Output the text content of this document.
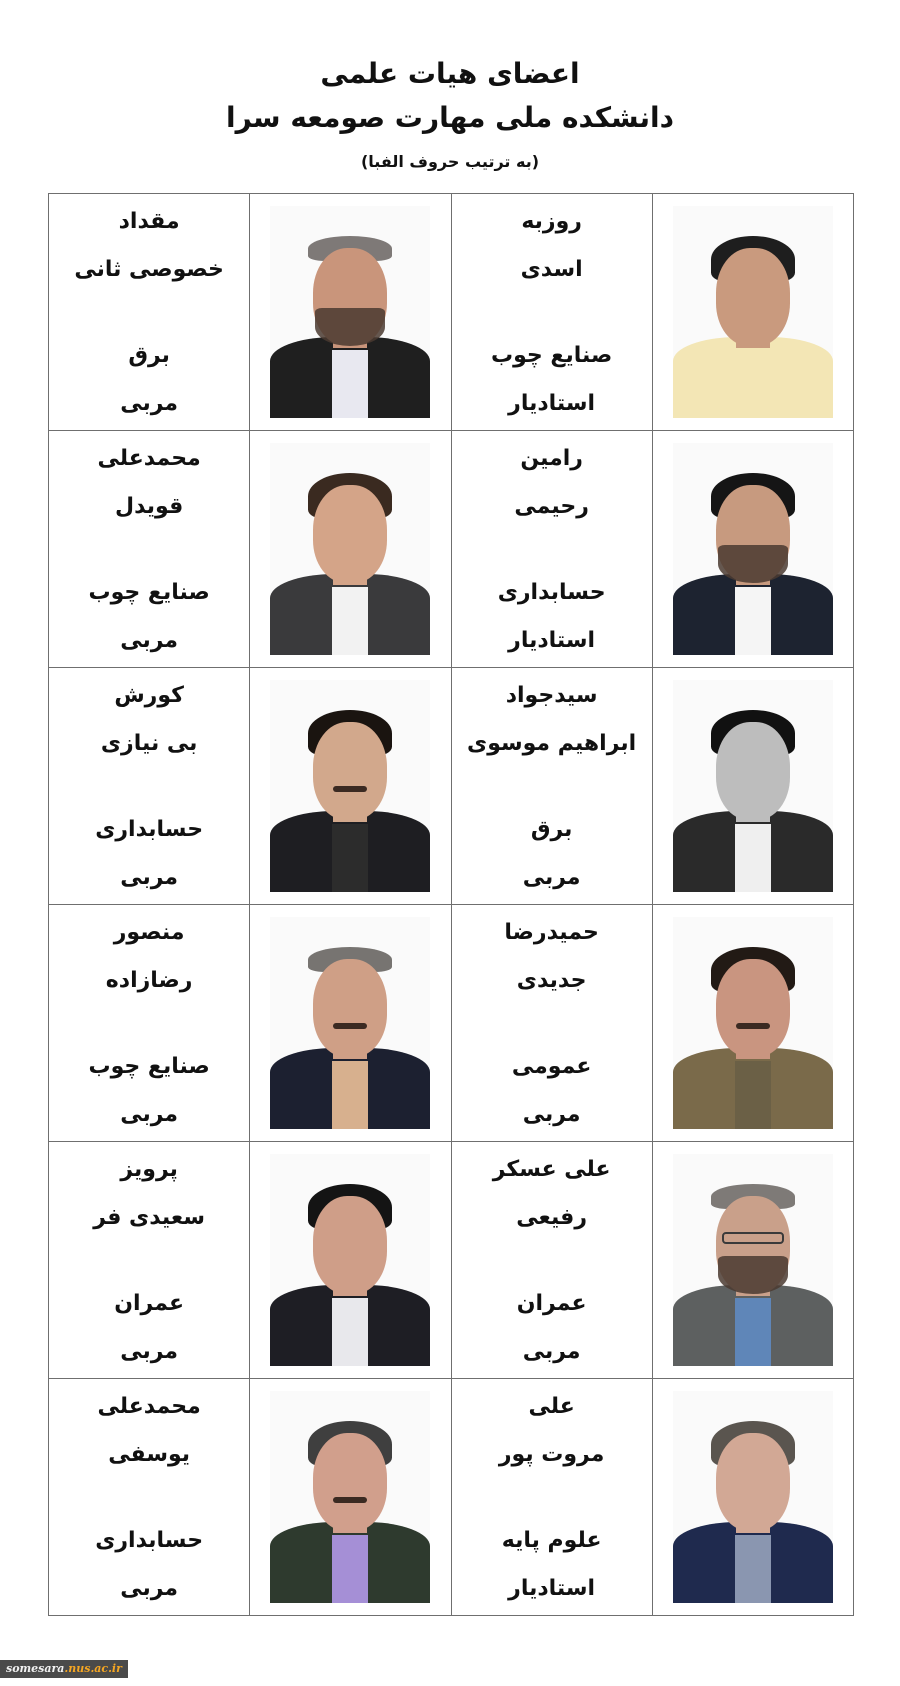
اعضای هیات علمی
دانشکده ملی مهارت صومعه سرا
(به ترتیب حروف الفبا)

روزبه
اسدی
صنایع چوب
استادیار

مقداد
خصوصی ثانی
برق
مربی

رامین
رحیمی
حسابداری
استادیار

محمدعلی
قویدل
صنایع چوب
مربی

سیدجواد
ابراهیم موسوی
برق
مربی

کورش
بی نیازی
حسابداری
مربی

حمیدرضا
جدیدی
عمومی
مربی

منصور
رضازاده
صنایع چوب
مربی

علی عسکر
رفیعی
عمران
مربی

پرویز
سعیدی فر
عمران
مربی

علی
مروت پور
علوم پایه
استادیار

محمدعلی
یوسفی
حسابداری
مربی
somesara.nus.ac.ir
